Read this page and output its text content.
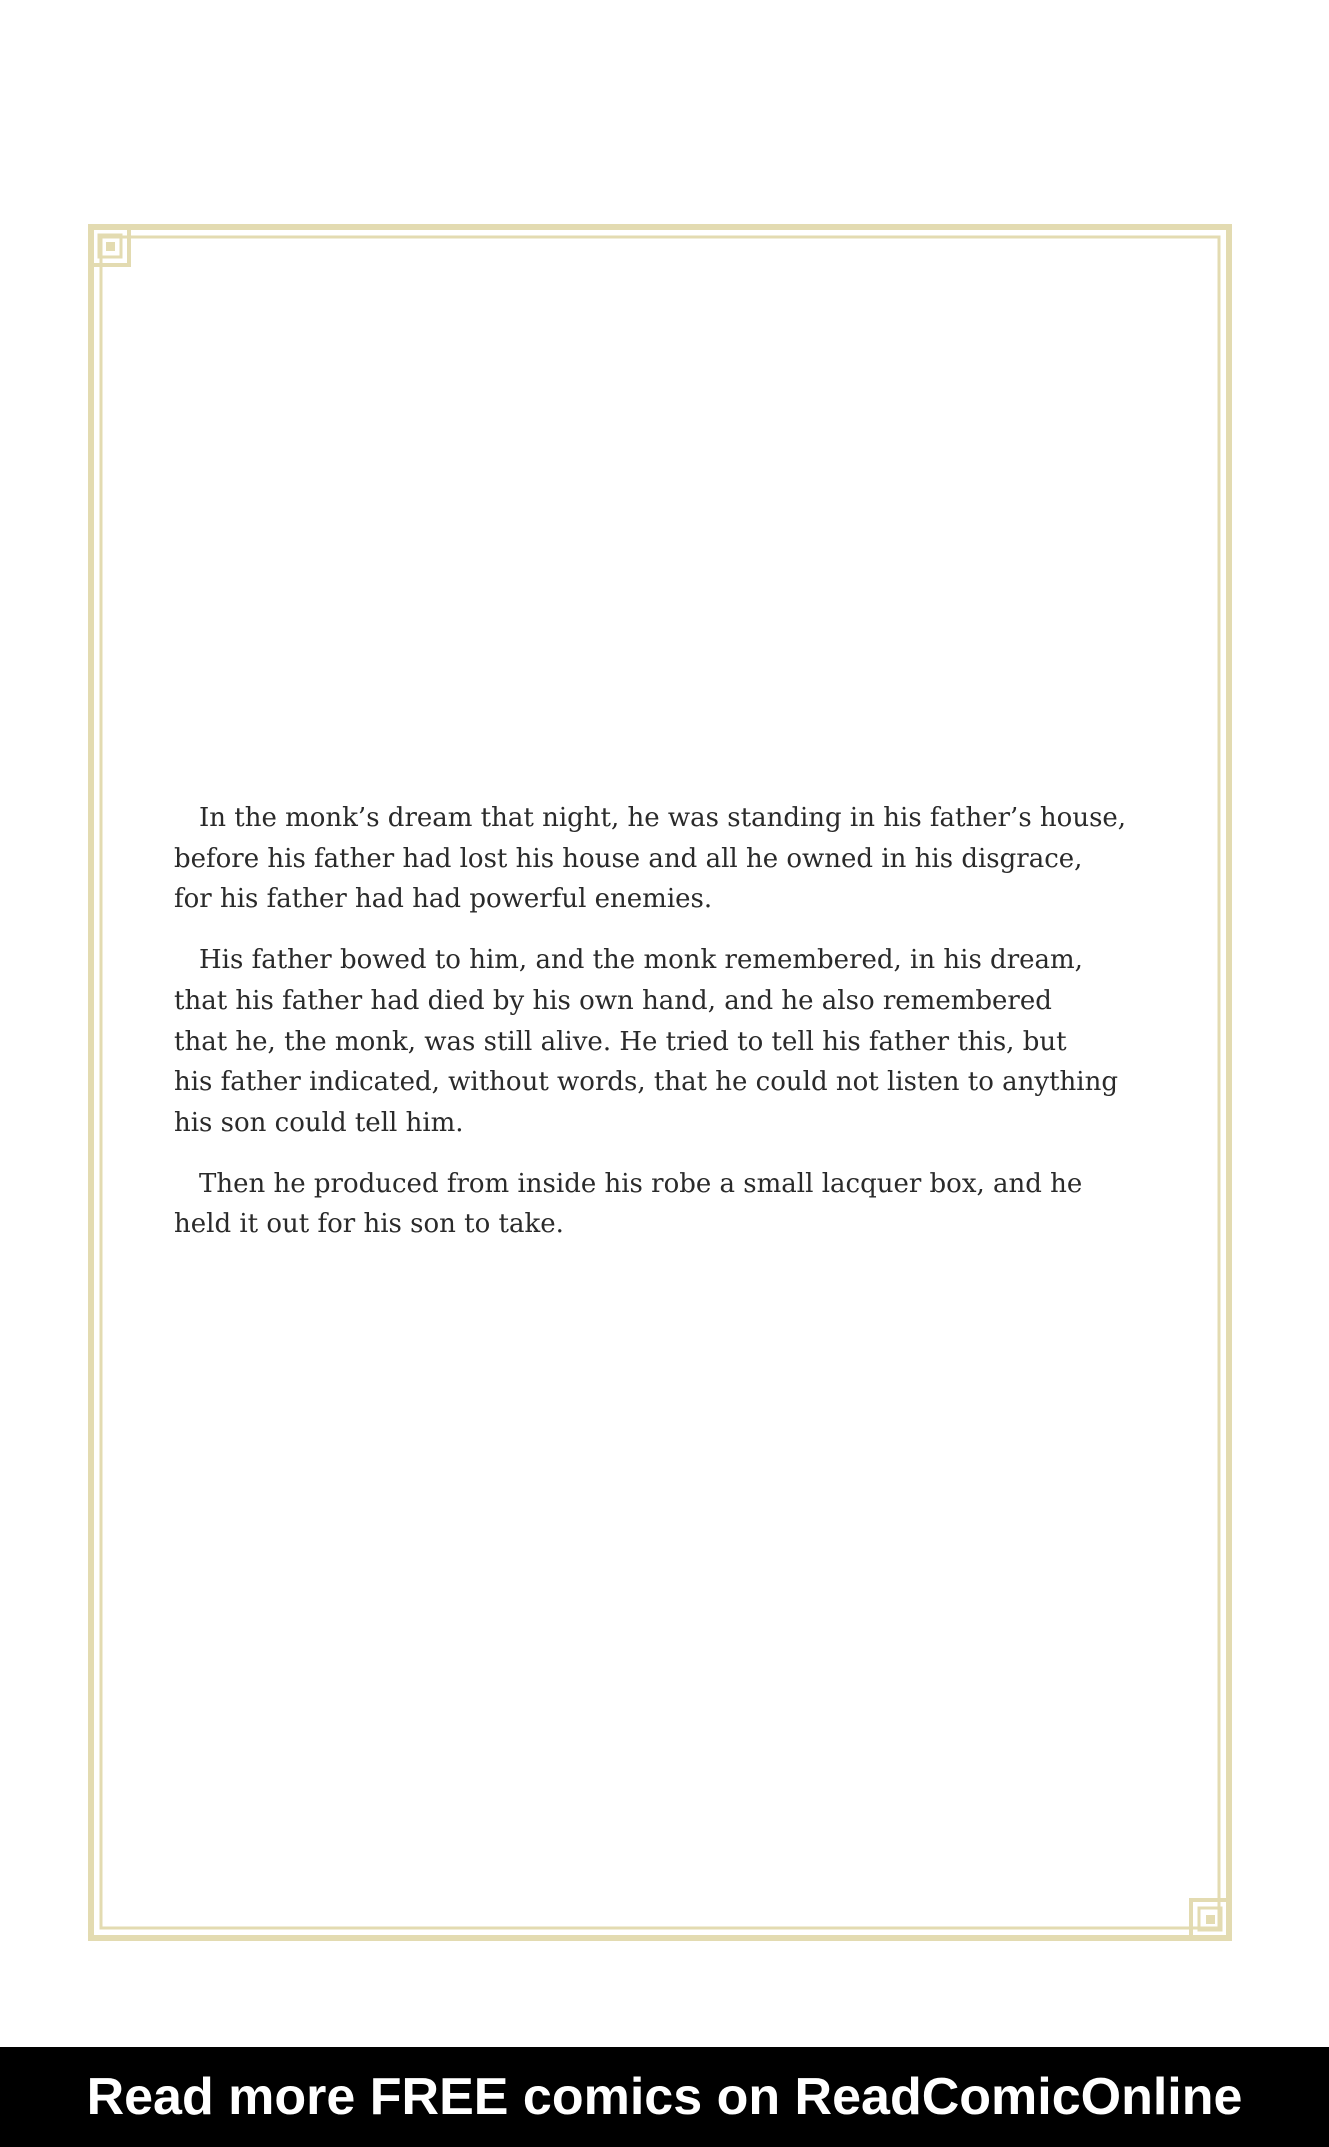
In the monk’s dream that night, he was standing in his father’s house,
before his father had lost his house and all he owned in his disgrace,
for his father had had powerful enemies.
His father bowed to him, and the monk remembered, in his dream,
that his father had died by his own hand, and he also remembered
that he, the monk, was still alive. He tried to tell his father this, but
his father indicated, without words, that he could not listen to anything
his son could tell him.
Then he produced from inside his robe a small lacquer box, and he
held it out for his son to take.
Read more FREE comics on ReadComicOnline
